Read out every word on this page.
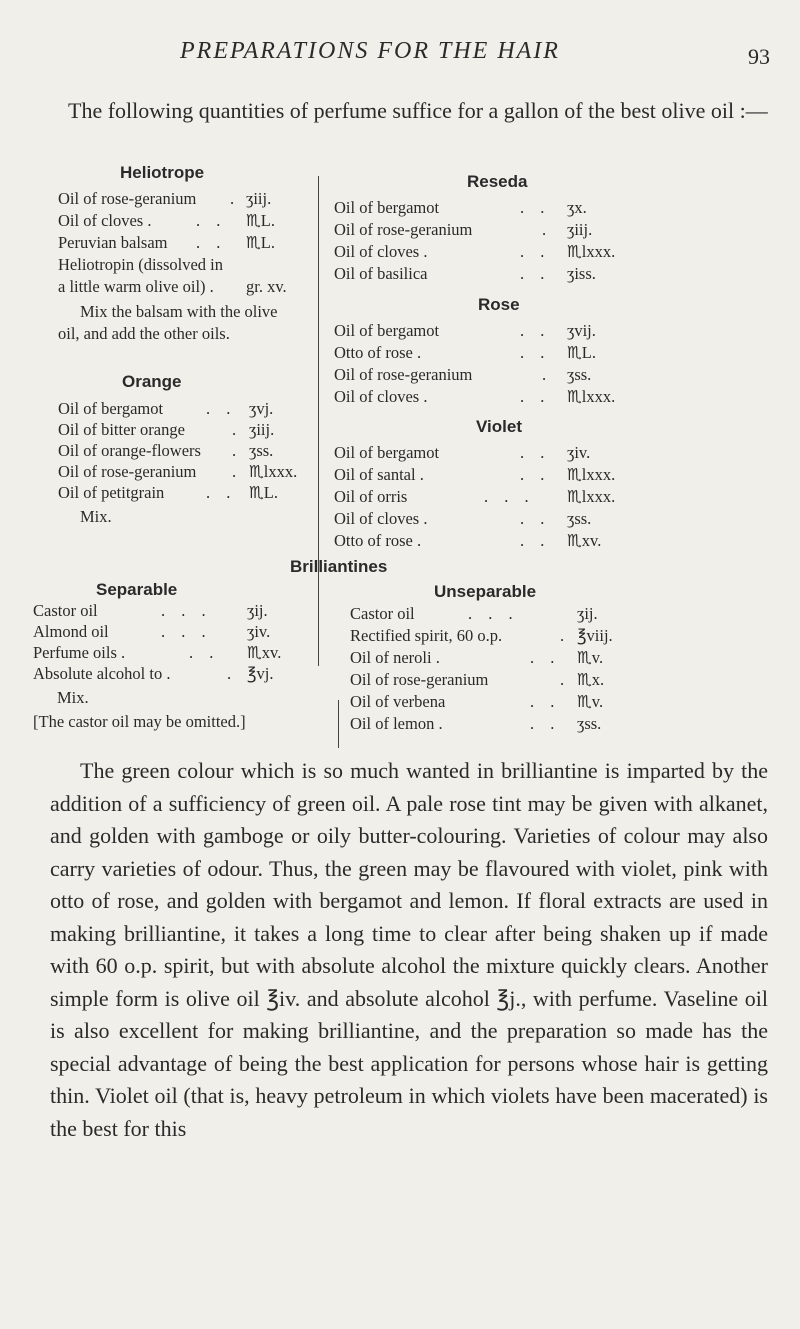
PREPARATIONS FOR THE HAIR	93
The following quantities of perfume suffice for a gallon of the best olive oil :—
Heliotrope
Oil of rose-geranium . ʒiij.
Oil of cloves .	. . ♏︎L.
Peruvian balsam . . ♏︎L.
Heliotropin (dissolved in
a little warm olive oil) . gr. xv.
Mix the balsam with the olive
oil, and add the other oils.
Orange
Oil of bergamot	. . ʒvj.
Oil of bitter orange	. ʒiij.
Oil of orange-flowers . ʒss.
Oil of rose-geranium . ♏︎lxxx.
Oil of petitgrain	. . ♏︎L.
Mix.
Reseda
Oil of bergamot	. . ʒx.
Oil of rose-geranium	. ʒiij.
Oil of cloves .	. . ♏︎lxxx.
Oil of basilica	. . ʒiss.
Rose
Oil of bergamot	. . ʒvij.
Otto of rose .	. . ♏︎L.
Oil of rose-geranium	. ʒss.
Oil of cloves .	. . ♏︎lxxx.
Violet
Oil of bergamot	. . ʒiv.
Oil of santal .	. . ♏︎lxxx.
Oil of orris	. . . ♏︎lxxx.
Oil of cloves .	. . ʒss.
Otto of rose .	. . ♏︎xv.
Brilliantines
Separable
Castor oil	. . . ʒij.
Almond oil	. . . ʒiv.
Perfume oils .	. . ♏︎xv.
Absolute alcohol to .	. ℥vj.
Mix.
[The castor oil may be omitted.]
Unseparable
Castor oil	. . .	ʒij.
Rectified spirit, 60 o.p.	. ℥viij.
Oil of neroli .	. . ♏︎v.
Oil of rose-geranium	. ♏︎x.
Oil of verbena	. . ♏︎v.
Oil of lemon .	. . ʒss.

The green colour which is so much wanted in brilliantine is imparted by the addition of a sufficiency of green oil. A pale rose tint may be given with alkanet, and golden with gamboge or oily butter-colouring. Varieties of colour may also carry varieties of odour. Thus, the green may be flavoured with violet, pink with otto of rose, and golden with bergamot and lemon. If floral extracts are used in making brilliantine, it takes a long time to clear after being shaken up if made with 60 o.p. spirit, but with absolute alcohol the mixture quickly clears. Another simple form is olive oil ℥iv. and absolute alcohol ℥j., with perfume. Vaseline oil is also excellent for making brilliantine, and the preparation so made has the special advantage of being the best application for persons whose hair is getting thin. Violet oil (that is, heavy petroleum in which violets have been macerated) is the best for this
